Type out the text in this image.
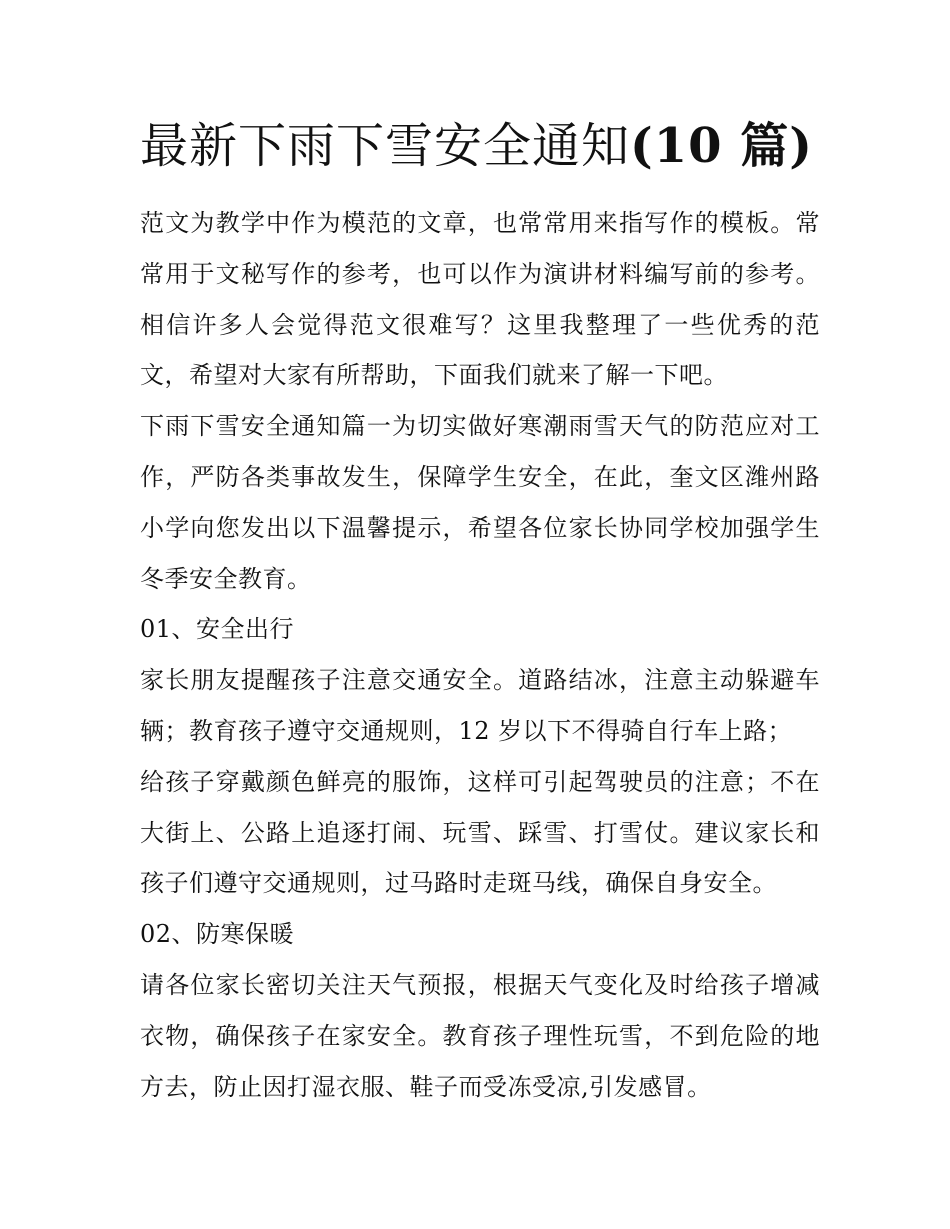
最新下雨下雪安全通知(10 篇)

范文为教学中作为模范的文章，也常常用来指写作的模板。常常用于文秘写作的参考，也可以作为演讲材料编写前的参考。相信许多人会觉得范文很难写？这里我整理了一些优秀的范文，希望对大家有所帮助，下面我们就来了解一下吧。

下雨下雪安全通知篇一为切实做好寒潮雨雪天气的防范应对工作，严防各类事故发生，保障学生安全，在此，奎文区潍州路小学向您发出以下温馨提示，希望各位家长协同学校加强学生冬季安全教育。

01、安全出行

家长朋友提醒孩子注意交通安全。道路结冰，注意主动躲避车辆；教育孩子遵守交通规则，12 岁以下不得骑自行车上路；

给孩子穿戴颜色鲜亮的服饰，这样可引起驾驶员的注意；不在大街上、公路上追逐打闹、玩雪、踩雪、打雪仗。建议家长和孩子们遵守交通规则，过马路时走斑马线，确保自身安全。

02、防寒保暖

请各位家长密切关注天气预报，根据天气变化及时给孩子增减衣物，确保孩子在家安全。教育孩子理性玩雪，不到危险的地方去，防止因打湿衣服、鞋子而受冻受凉,引发感冒。
